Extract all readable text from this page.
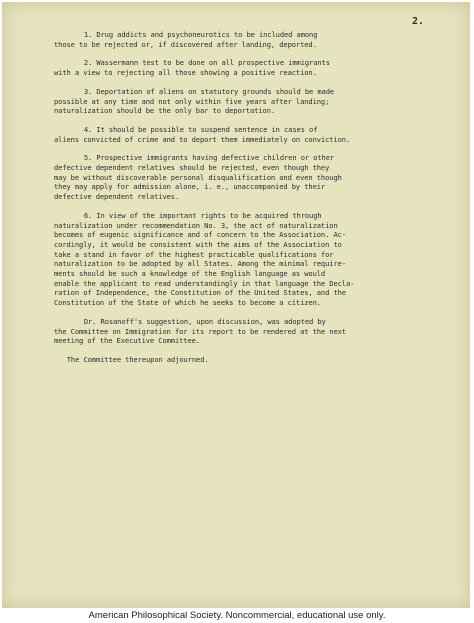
2.
1. Drug addicts and psychoneurotics to be included among
those to be rejected or, if discovered after landing, deported.
2. Wassermann test to be done on all prospective immigrants
with a view to rejecting all those showing a positive reaction.
3. Deportation of aliens on statutory grounds should be made
possible at any time and not only within five years after landing;
naturalization should be the only bar to deportation.
4. It should be possible to suspend sentence in cases of
aliens convicted of crime and to deport them immediately on conviction.
5. Prospective immigrants having defective children or other
defective dependent relatives should be rejected, even though they
may be without discoverable personal disqualification and even though
they may apply for admission alone, i. e., unaccompanied by their
defective dependent relatives.
6. In view of the important rights to be acquired through
naturalization under recommendation No. 3, the act of naturalization
becomes of eugenic significance and of concern to the Association. Ac-
cordingly, it would be consistent with the aims of the Association to
take a stand in favor of the highest practicable qualifications for
naturalization to be adopted by all States. Among the minimal require-
ments should be such a knowledge of the English language as would
enable the applicant to read understandingly in that language the Decla-
ration of Independence, the Constitution of the United States, and the
Constitution of the State of which he seeks to become a citizen.
Dr. Rosanoff's suggestion, upon discussion, was adopted by
the Committee on Immigration for its report to be rendered at the next
meeting of the Executive Committee.
The Committee thereupon adjourned.
American Philosophical Society. Noncommercial, educational use only.
